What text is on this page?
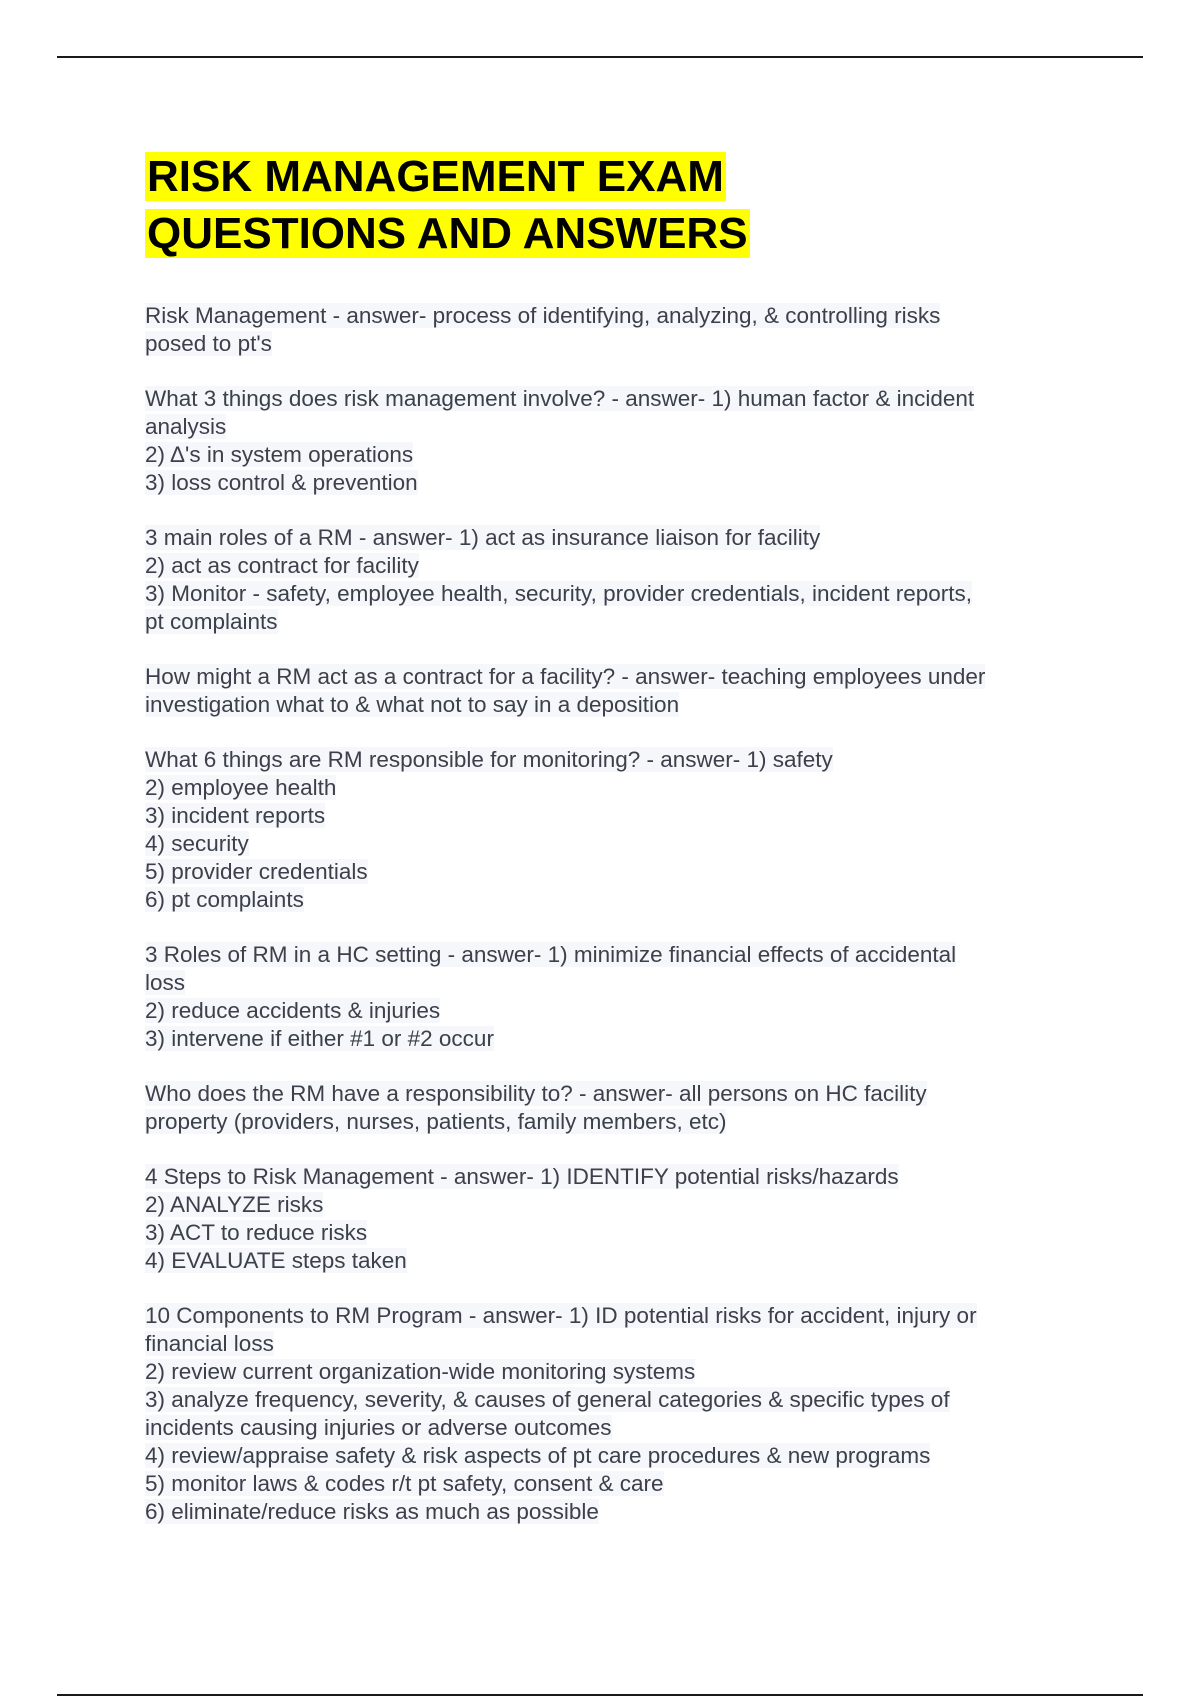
RISK MANAGEMENT EXAM
QUESTIONS AND ANSWERS
Risk Management - answer- process of identifying, analyzing, & controlling risks
posed to pt's
What 3 things does risk management involve? - answer- 1) human factor & incident
analysis
2) Δ's in system operations
3) loss control & prevention
3 main roles of a RM - answer- 1) act as insurance liaison for facility
2) act as contract for facility
3) Monitor - safety, employee health, security, provider credentials, incident reports,
pt complaints
How might a RM act as a contract for a facility? - answer- teaching employees under
investigation what to & what not to say in a deposition
What 6 things are RM responsible for monitoring? - answer- 1) safety
2) employee health
3) incident reports
4) security
5) provider credentials
6) pt complaints
3 Roles of RM in a HC setting - answer- 1) minimize financial effects of accidental
loss
2) reduce accidents & injuries
3) intervene if either #1 or #2 occur
Who does the RM have a responsibility to? - answer- all persons on HC facility
property (providers, nurses, patients, family members, etc)
4 Steps to Risk Management - answer- 1) IDENTIFY potential risks/hazards
2) ANALYZE risks
3) ACT to reduce risks
4) EVALUATE steps taken
10 Components to RM Program - answer- 1) ID potential risks for accident, injury or
financial loss
2) review current organization-wide monitoring systems
3) analyze frequency, severity, & causes of general categories & specific types of
incidents causing injuries or adverse outcomes
4) review/appraise safety & risk aspects of pt care procedures & new programs
5) monitor laws & codes r/t pt safety, consent & care
6) eliminate/reduce risks as much as possible
